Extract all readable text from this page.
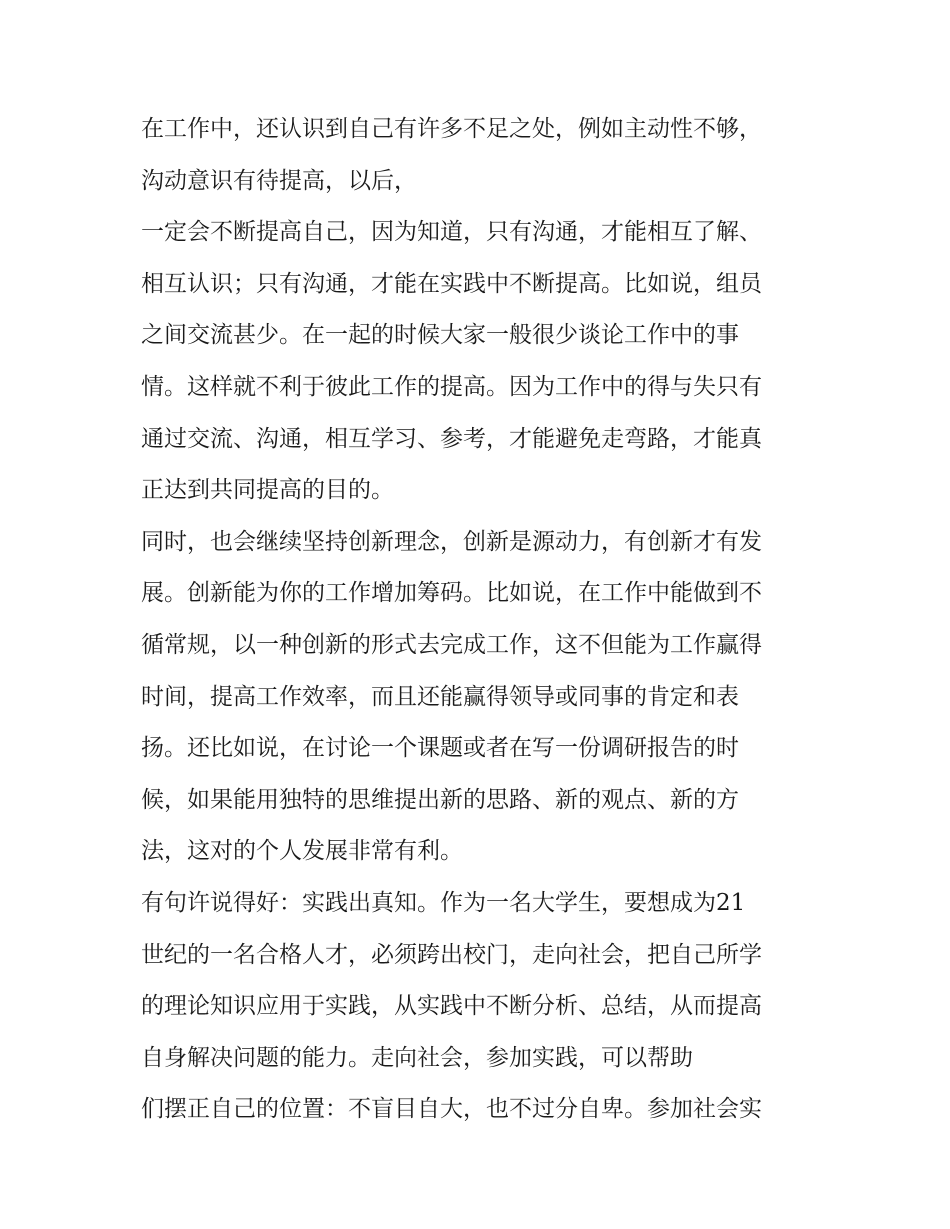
在工作中，还认识到自己有许多不足之处，例如主动性不够，
沟动意识有待提高，以后，
一定会不断提高自己，因为知道，只有沟通，才能相互了解、
相互认识；只有沟通，才能在实践中不断提高。比如说，组员
之间交流甚少。在一起的时候大家一般很少谈论工作中的事
情。这样就不利于彼此工作的提高。因为工作中的得与失只有
通过交流、沟通，相互学习、参考，才能避免走弯路，才能真
正达到共同提高的目的。
同时，也会继续坚持创新理念，创新是源动力，有创新才有发
展。创新能为你的工作增加筹码。比如说，在工作中能做到不
循常规，以一种创新的形式去完成工作，这不但能为工作赢得
时间，提高工作效率，而且还能赢得领导或同事的肯定和表
扬。还比如说，在讨论一个课题或者在写一份调研报告的时
候，如果能用独特的思维提出新的思路、新的观点、新的方
法，这对的个人发展非常有利。
有句许说得好：实践出真知。作为一名大学生，要想成为21
世纪的一名合格人才，必须跨出校门，走向社会，把自己所学
的理论知识应用于实践，从实践中不断分析、总结，从而提高
自身解决问题的能力。走向社会，参加实践，可以帮助
们摆正自己的位置：不盲目自大，也不过分自卑。参加社会实
